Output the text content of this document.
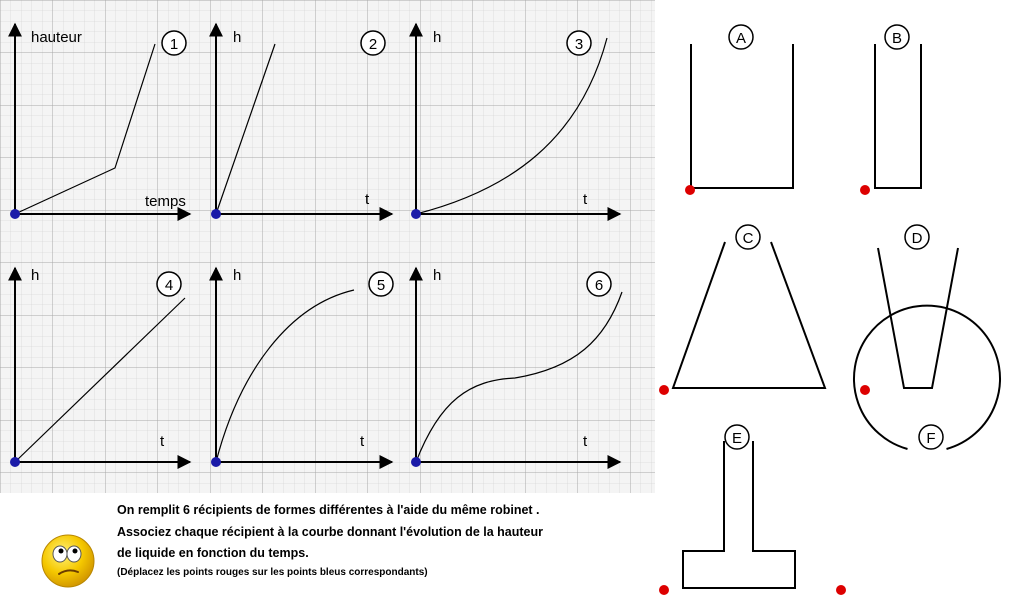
hauteur
temps
1	h
t
2	h
t
3
h
t
4
h
t
5
h
t
6
A	B
C	D
E	F
On remplit 6 récipients de formes différentes à l'aide du même robinet .
Associez chaque récipient à la courbe donnant l'évolution de la hauteur
de liquide en fonction du temps.
(Déplacez les points rouges sur les points bleus correspondants)
